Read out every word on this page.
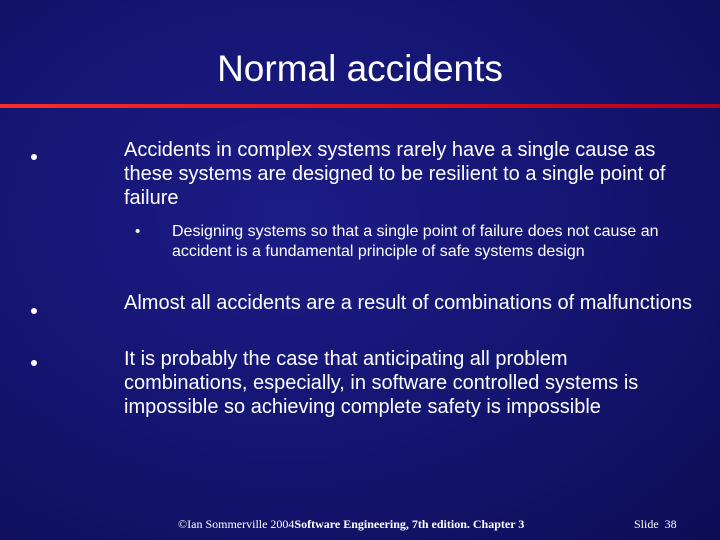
Normal accidents
Accidents in complex systems rarely have a single cause as these systems are designed to be resilient to a single point of failure
• Designing systems so that a single point of failure does not cause an accident is a fundamental principle of safe systems design
Almost all accidents are a result of combinations of malfunctions
It is probably the case that anticipating all problem combinations, especially, in software controlled systems is impossible so achieving complete safety is impossible
©Ian Sommerville 2004Software Engineering, 7th edition. Chapter 3	Slide 38
